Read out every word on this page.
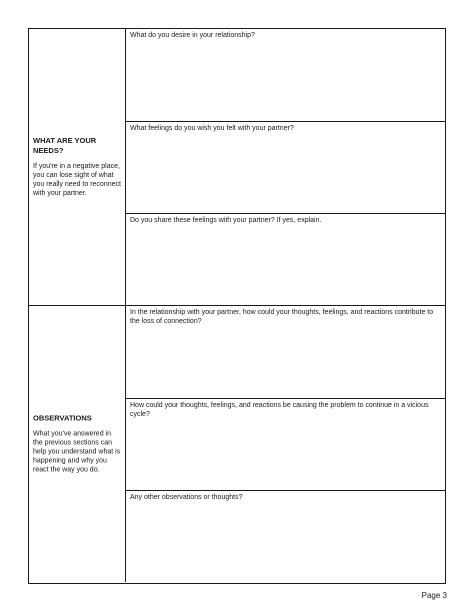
WHAT ARE YOUR NEEDS?

If you're in a negative place, you can lose sight of what you really need to reconnect with your partner.

What do you desire in your relationship?
What feelings do you wish you felt with your partner?
Do you share these feelings with your partner? If yes, explain.

OBSERVATIONS

What you've answered in the previous sections can help you understand what is happening and why you react the way you do.

In the relationship with your partner, how could your thoughts, feelings, and reactions contribute to the loss of connection?
How could your thoughts, feelings, and reactions be causing the problem to continue in a vicious cycle?
Any other observations or thoughts?
Page 3
